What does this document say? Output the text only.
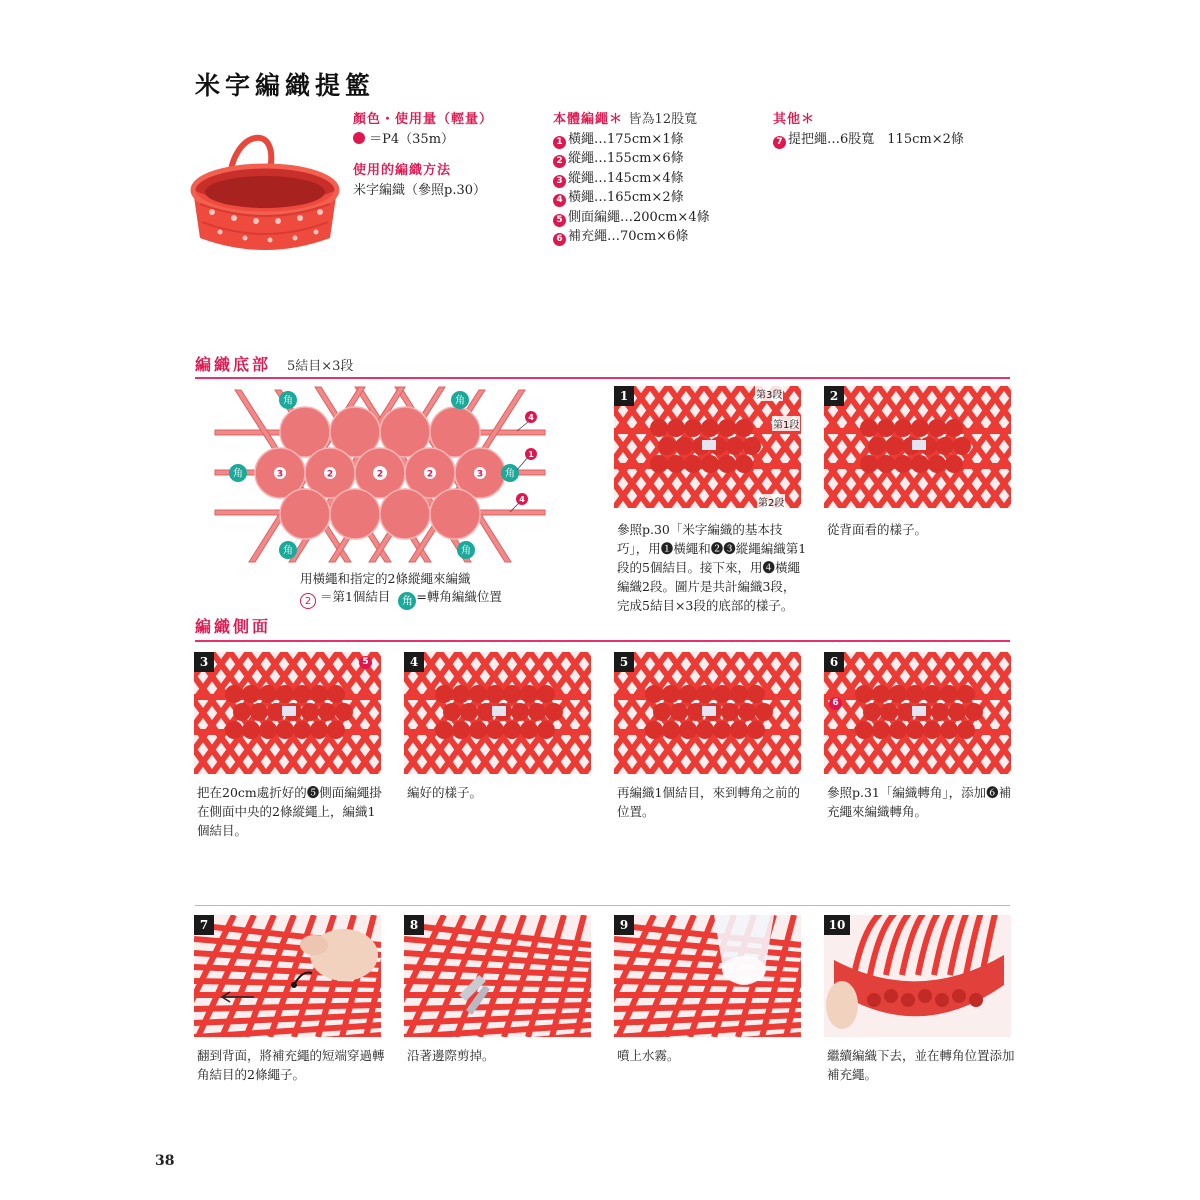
米字編織提籃
顏色・使用量（輕量）
＝P4（35m）
使用的編織方法
米字編織（參照p.30）
本體編繩＊ 皆為12股寬
1 橫繩…175cm×1條
2 縱繩…155cm×6條
3 縱繩…145cm×4條
4 橫繩…165cm×2條
5 側面編繩…200cm×4條
6 補充繩…70cm×6條
其他＊
7 提把繩…6股寬　115cm×2條
編織底部 5結目×3段
3	2	2	2	3
角	角
角	角
角	角
4
1
4
用橫繩和指定的2條縱繩來編織
2 ＝第1個結目 角 =轉角編織位置
1	第3段
第1段
第2段
參照p.30「米字編織的基本技巧」，用❶橫繩和❷❸縱繩編織第1段的5個結目。接下來，用❹橫繩編織2段。圖片是共計編織3段，完成5結目×3段的底部的樣子。
2
從背面看的樣子。
編織側面
3	5
把在20cm處折好的❺側面編繩掛在側面中央的2條縱繩上，編織1個結目。
4
編好的樣子。
5
再編織1個結目，來到轉角之前的位置。
6
6
參照p.31「編織轉角」，添加❻補充繩來編織轉角。
7
翻到背面，將補充繩的短端穿過轉角結目的2條繩子。
8
沿著邊際剪掉。
9
噴上水霧。
10
繼續編織下去，並在轉角位置添加補充繩。
38
